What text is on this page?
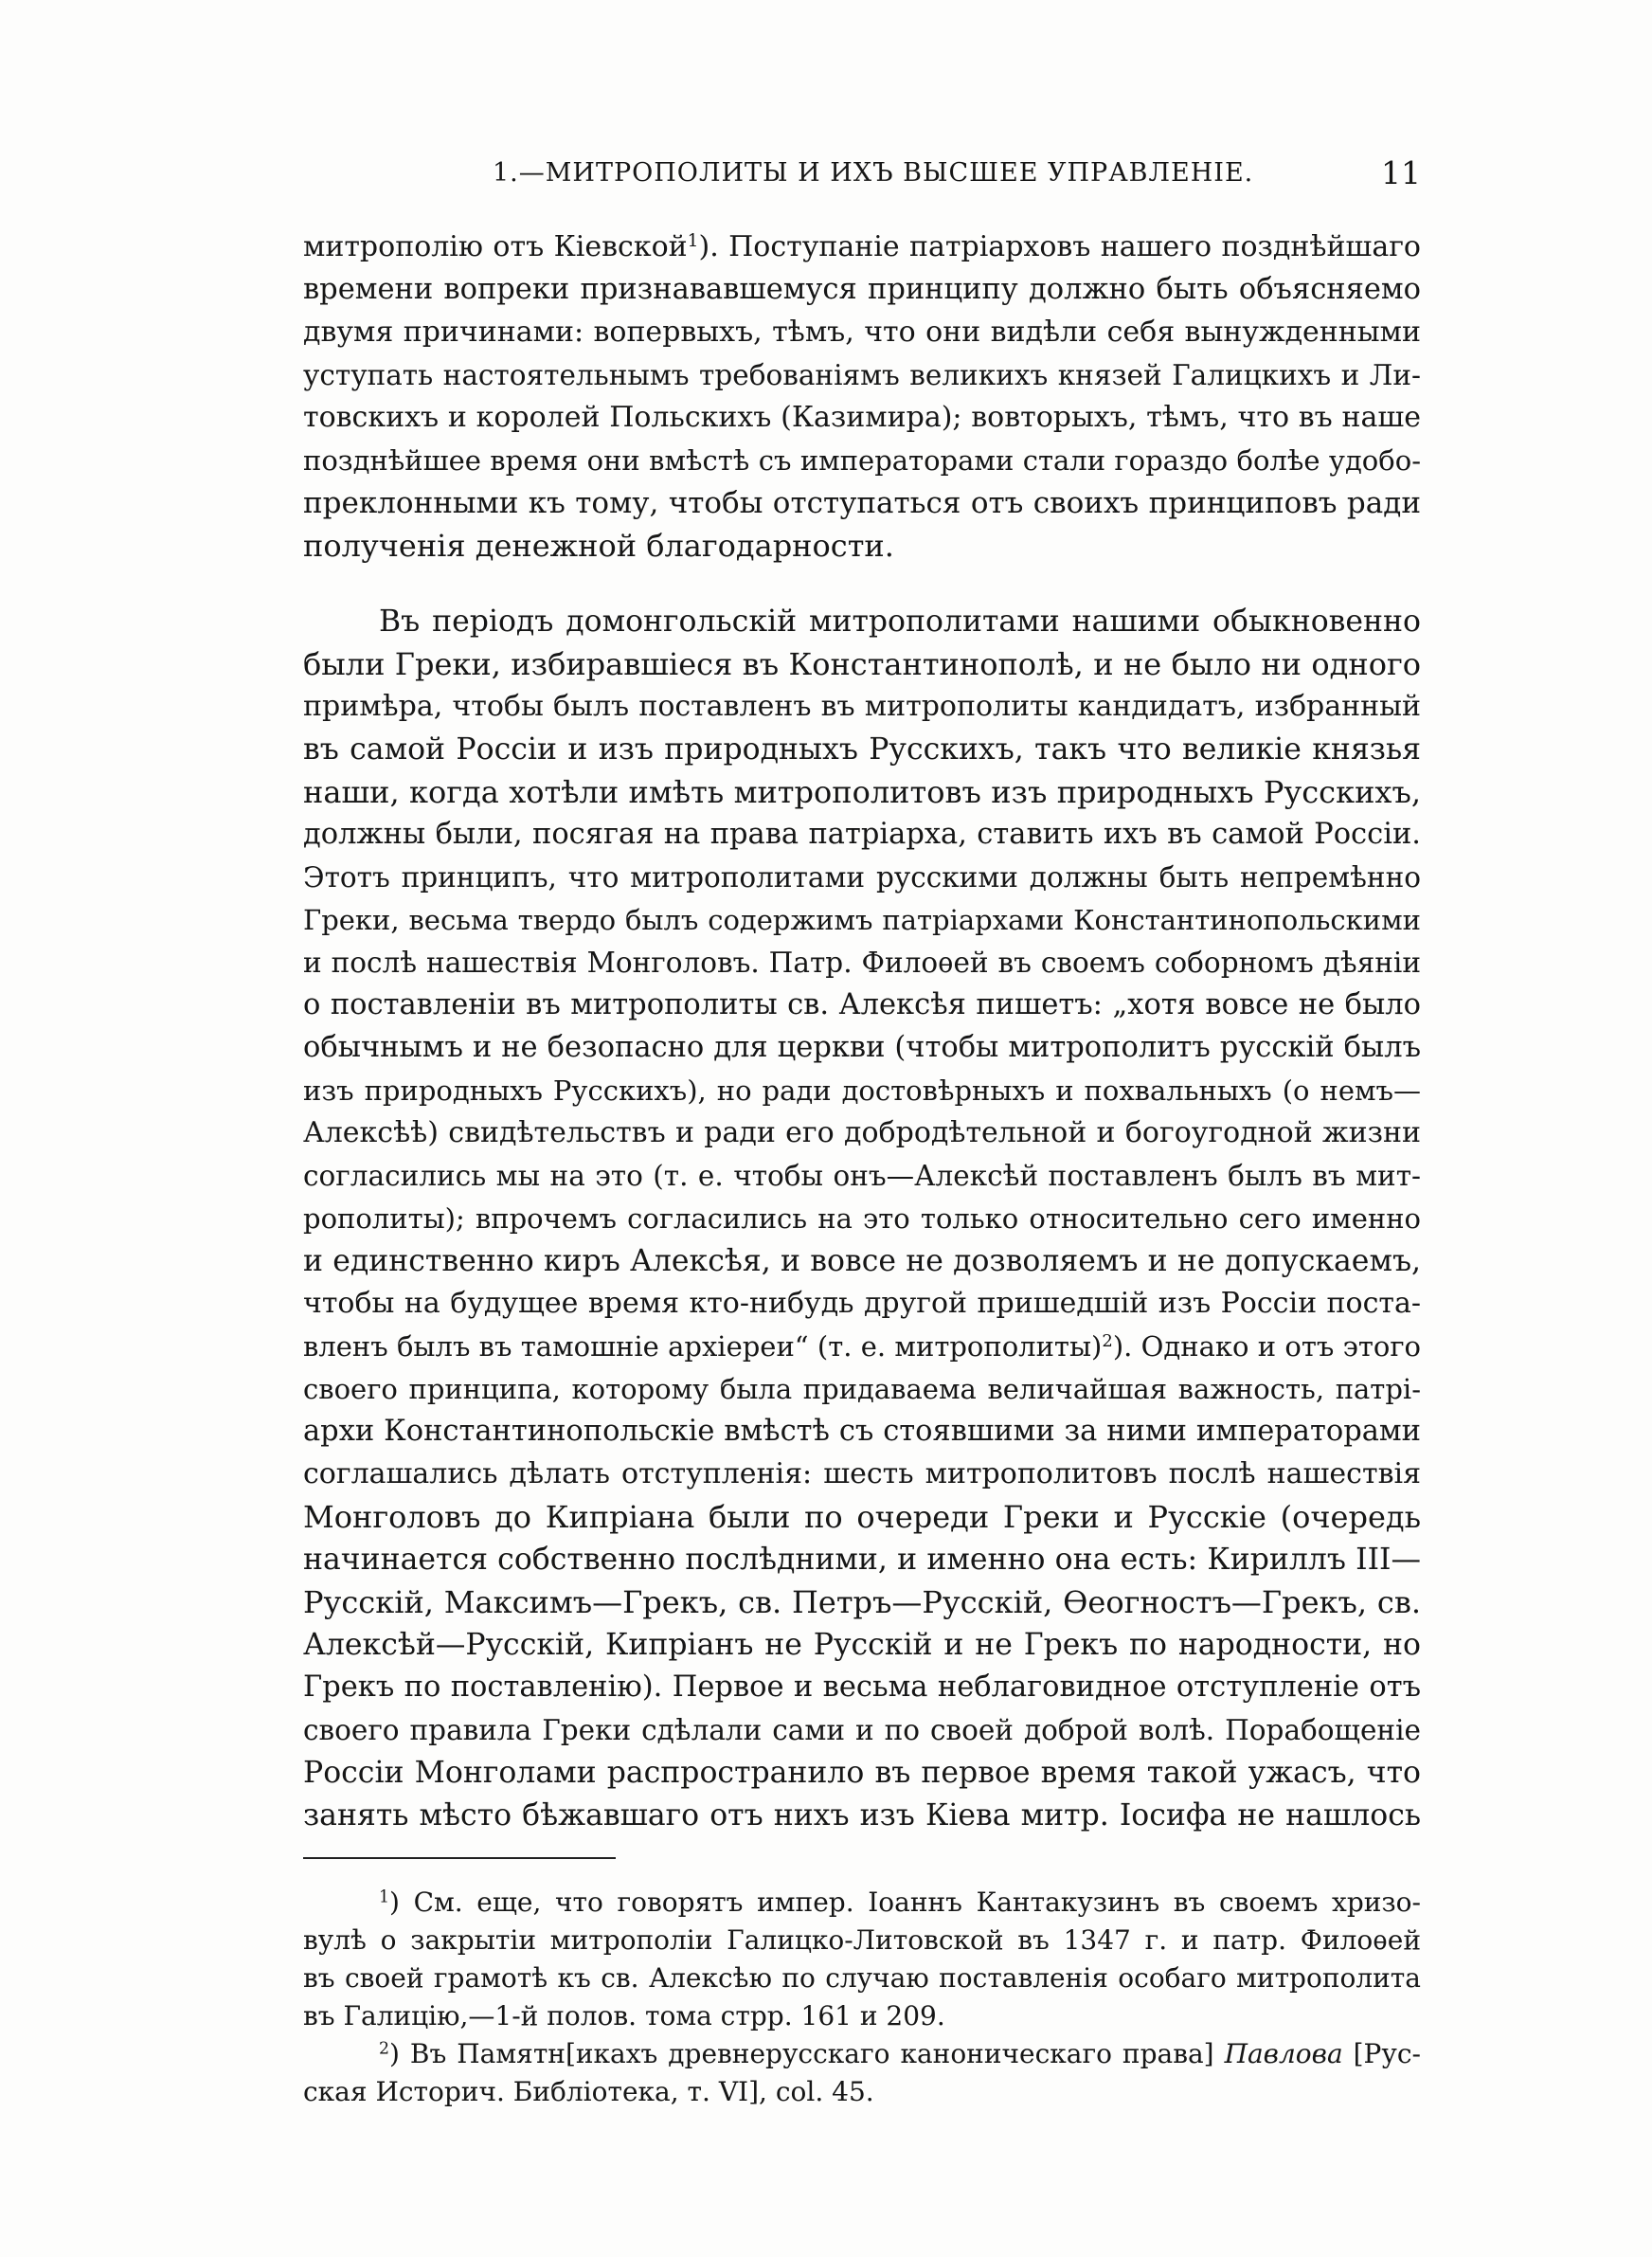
1.—МИТРОПОЛИТЫ И ИХЪ ВЫСШЕЕ УПРАВЛЕНІЕ.	11
митрополію отъ Кіевской$^1$). Поступаніе патріарховъ нашего позднѣйшаго
времени вопреки признававшемуся принципу должно быть объясняемо
двумя причинами: вопервыхъ, тѣмъ, что они видѣли себя вынужденными
уступать настоятельнымъ требованіямъ великихъ князей Галицкихъ и Ли-
товскихъ и королей Польскихъ (Казимира); вовторыхъ, тѣмъ, что въ наше
позднѣйшее время они вмѣстѣ съ императорами стали гораздо болѣе удобо-
преклонными къ тому, чтобы отступаться отъ своихъ принциповъ ради
полученія денежной благодарности.
Въ періодъ домонгольскій митрополитами нашими обыкновенно
были Греки, избиравшіеся въ Константинополѣ, и не было ни одного
примѣра, чтобы былъ поставленъ въ митрополиты кандидатъ, избранный
въ самой Россіи и изъ природныхъ Русскихъ, такъ что великіе князья
наши, когда хотѣли имѣть митрополитовъ изъ природныхъ Русскихъ,
должны были, посягая на права патріарха, ставить ихъ въ самой Россіи.
Этотъ принципъ, что митрополитами русскими должны быть непремѣнно
Греки, весьма твердо былъ содержимъ патріархами Константинопольскими
и послѣ нашествія Монголовъ. Патр. Филоѳей въ своемъ соборномъ дѣяніи
о поставленіи въ митрополиты св. Алексѣя пишетъ: „хотя вовсе не было
обычнымъ и не безопасно для церкви (чтобы митрополитъ русскій былъ
изъ природныхъ Русскихъ), но ради достовѣрныхъ и похвальныхъ (о немъ—
Алексѣѣ) свидѣтельствъ и ради его добродѣтельной и богоугодной жизни
согласились мы на это (т. е. чтобы онъ—Алексѣй поставленъ былъ въ мит-
рополиты); впрочемъ согласились на это только относительно сего именно
и единственно киръ Алексѣя, и вовсе не дозволяемъ и не допускаемъ,
чтобы на будущее время кто-нибудь другой пришедшій изъ Россіи поста-
вленъ былъ въ тамошніе архіереи“ (т. е. митрополиты)$^2$). Однако и отъ этого
своего принципа, которому была придаваема величайшая важность, патрі-
архи Константинопольскіе вмѣстѣ съ стоявшими за ними императорами
соглашались дѣлать отступленія: шесть митрополитовъ послѣ нашествія
Монголовъ до Кипріана были по очереди Греки и Русскіе (очередь
начинается собственно послѣдними, и именно она есть: Кириллъ III—
Русскій, Максимъ—Грекъ, св. Петръ—Русскій, Ѳеогностъ—Грекъ, св.
Алексѣй—Русскій, Кипріанъ не Русскій и не Грекъ по народности, но
Грекъ по поставленію). Первое и весьма неблаговидное отступленіе отъ
своего правила Греки сдѣлали сами и по своей доброй волѣ. Порабощеніе
Россіи Монголами распространило въ первое время такой ужасъ, что
занять мѣсто бѣжавшаго отъ нихъ изъ Кіева митр. Іосифа не нашлось
$^1$) См. еще, что говорятъ импер. Іоаннъ Кантакузинъ въ своемъ хризо-
вулѣ о закрытіи митрополіи Галицко-Литовской въ 1347 г. и патр. Филоѳей
въ своей грамотѣ къ св. Алексѣю по случаю поставленія особаго митрополита
въ Галицію,—1-й полов. тома стрр. 161 и 209.
$^2$) Въ Памятн[икахъ древнерусскаго каноническаго права] Павлова [Рус-
ская Историч. Библіотека, т. VI], col. 45.
